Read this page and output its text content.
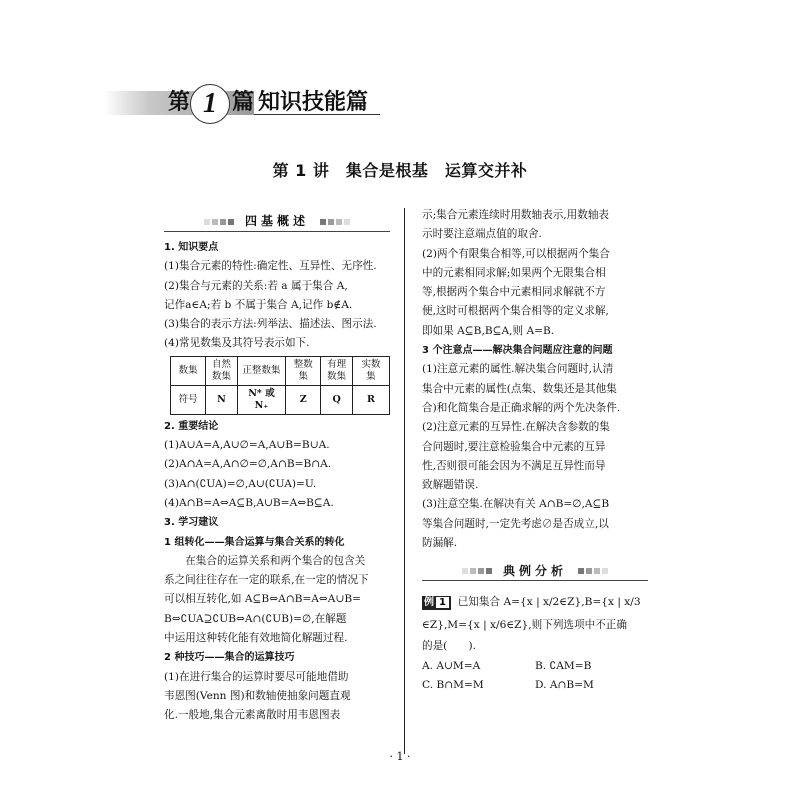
第 1 篇 知识技能篇
第 1 讲　集合是根基　运算交并补
四基概述

1. 知识要点

(1)集合元素的特性:确定性、互异性、无序性.

(2)集合与元素的关系:若 a 属于集合 A,

记作a∈A;若 b 不属于集合 A,记作 b∉A.

(3)集合的表示方法:列举法、描述法、图示法.

(4)常见数集及其符号表示如下.

数集	自然数集	正整数集	整数集	有理数集	实数集
符号	N	N* 或 N₊	Z	Q	R

2. 重要结论

(1)A∪A=A,A∪∅=A,A∪B=B∪A.

(2)A∩A=A,A∩∅=∅,A∩B=B∩A.

(3)A∩(∁UA)=∅,A∪(∁UA)=U.

(4)A∩B=A⇔A⊆B,A∪B=A⇔B⊆A.

3. 学习建议

1 组转化——集合运算与集合关系的转化

在集合的运算关系和两个集合的包含关

系之间往往存在一定的联系,在一定的情况下

可以相互转化,如 A⊆B⇔A∩B=A⇔A∪B=

B⇔∁UA⊇∁UB⇔A∩(∁UB)=∅,在解题

中运用这种转化能有效地简化解题过程.

2 种技巧——集合的运算技巧

(1)在进行集合的运算时要尽可能地借助

韦恩图(Venn 图)和数轴使抽象问题直观

化.一般地,集合元素离散时用韦恩图表

示;集合元素连续时用数轴表示,用数轴表

示时要注意端点值的取舍.

(2)两个有限集合相等,可以根据两个集合

中的元素相同求解;如果两个无限集合相

等,根据两个集合中元素相同求解就不方

便,这时可根据两个集合相等的定义求解,

即如果 A⊆B,B⊆A,则 A=B.

3 个注意点——解决集合问题应注意的问题

(1)注意元素的属性.解决集合问题时,认清

集合中元素的属性(点集、数集还是其他集

合)和化简集合是正确求解的两个先决条件.

(2)注意元素的互异性.在解决含参数的集

合问题时,要注意检验集合中元素的互异

性,否则很可能会因为不满足互异性而导

致解题错误.

(3)注意空集.在解决有关 A∩B=∅,A⊆B

等集合问题时,一定先考虑∅是否成立,以

防漏解.

典例分析

例 1 已知集合 A={x | x/2∈Z},B={x | x/3

∈Z},M={x | x/6∈Z},则下列选项中不正确

的是(　　).

A. A∪M=A	B. ∁AM=B
C. B∩M=M	D. A∩B=M
· 1 ·
